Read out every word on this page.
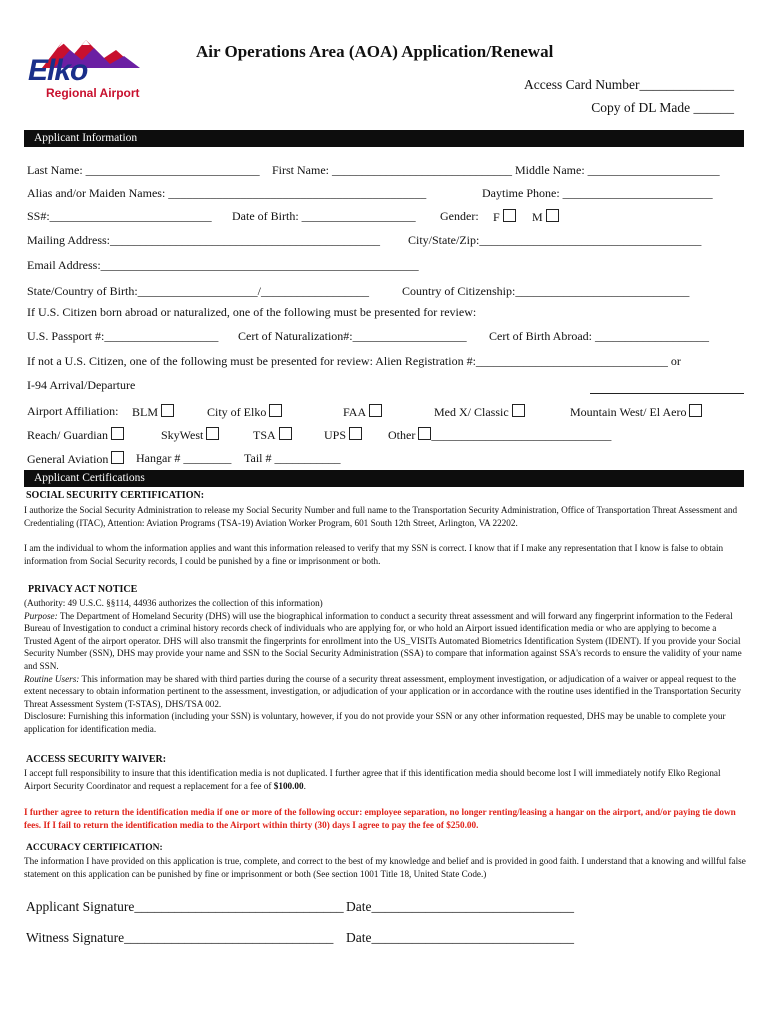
Elko
Regional Airport
Air Operations Area (AOA) Application/Renewal
Access Card Number______________
Copy of DL Made ______
Applicant Information
Last Name: _____________________________ First Name: ______________________________ Middle Name: ______________________
Alias and/or Maiden Names: ___________________________________________	Daytime Phone: _________________________
SS#:___________________________ Date of Birth: ___________________ Gender: F	M
Mailing Address:_____________________________________________ City/State/Zip:_____________________________________
Email Address:_____________________________________________________
State/Country of Birth:____________________/__________________	Country of Citizenship:_____________________________
If U.S. Citizen born abroad or naturalized, one of the following must be presented for review:
U.S. Passport #:___________________ Cert of Naturalization#:___________________ Cert of Birth Abroad: ___________________
If not a U.S. Citizen, one of the following must be presented for review: Alien Registration #:________________________________ or
I-94 Arrival/Departure
Airport Affiliation: BLM	City of Elko	FAA	Med X/ Classic	Mountain West/ El Aero
Reach/ Guardian	SkyWest	TSA	UPS	Other ______________________________
General Aviation	Hangar # ________ Tail # ___________
Applicant Certifications
SOCIAL SECURITY CERTIFICATION:
I authorize the Social Security Administration to release my Social Security Number and full name to the Transportation Security Administration, Office of Transportation Threat Assessment and Credentialing (ITAC), Attention: Aviation Programs (TSA-19) Aviation Worker Program, 601 South 12th Street, Arlington, VA 22202.
I am the individual to whom the information applies and want this information released to verify that my SSN is correct. I know that if I make any representation that I know is false to obtain information from Social Security records, I could be punished by a fine or imprisonment or both.
PRIVACY ACT NOTICE
(Authority: 49 U.S.C. §§114, 44936 authorizes the collection of this information)
Purpose: The Department of Homeland Security (DHS) will use the biographical information to conduct a security threat assessment and will forward any fingerprint information to the Federal Bureau of Investigation to conduct a criminal history records check of individuals who are applying for, or who hold an Airport issued identification media or who are applying to become a Trusted Agent of the airport operator. DHS will also transmit the fingerprints for enrollment into the US_VISITs Automated Biometrics Identification System (IDENT). If you provide your Social Security Number (SSN), DHS may provide your name and SSN to the Social Security Administration (SSA) to compare that information against SSA's records to ensure the validity of your name and SSN.
Routine Users: This information may be shared with third parties during the course of a security threat assessment, employment investigation, or adjudication of a waiver or appeal request to the extent necessary to obtain information pertinent to the assessment, investigation, or adjudication of your application or in accordance with the routine uses identified in the Transportation Security Threat Assessment System (T-STAS), DHS/TSA 002.
Disclosure: Furnishing this information (including your SSN) is voluntary, however, if you do not provide your SSN or any other information requested, DHS may be unable to complete your application for identification media.
ACCESS SECURITY WAIVER:
I accept full responsibility to insure that this identification media is not duplicated. I further agree that if this identification media should become lost I will immediately notify Elko Regional Airport Security Coordinator and request a replacement for a fee of $100.00.
I further agree to return the identification media if one or more of the following occur: employee separation, no longer renting/leasing a hangar on the airport, and/or paying tie down fees. If I fail to return the identification media to the Airport within thirty (30) days I agree to pay the fee of $250.00.
ACCURACY CERTIFICATION:
The information I have provided on this application is true, complete, and correct to the best of my knowledge and belief and is provided in good faith. I understand that a knowing and willful false statement on this application can be punished by fine or imprisonment or both (See section 1001 Title 18, United State Code.)
Applicant Signature_______________________________ Date______________________________
Witness Signature_______________________________ Date______________________________
